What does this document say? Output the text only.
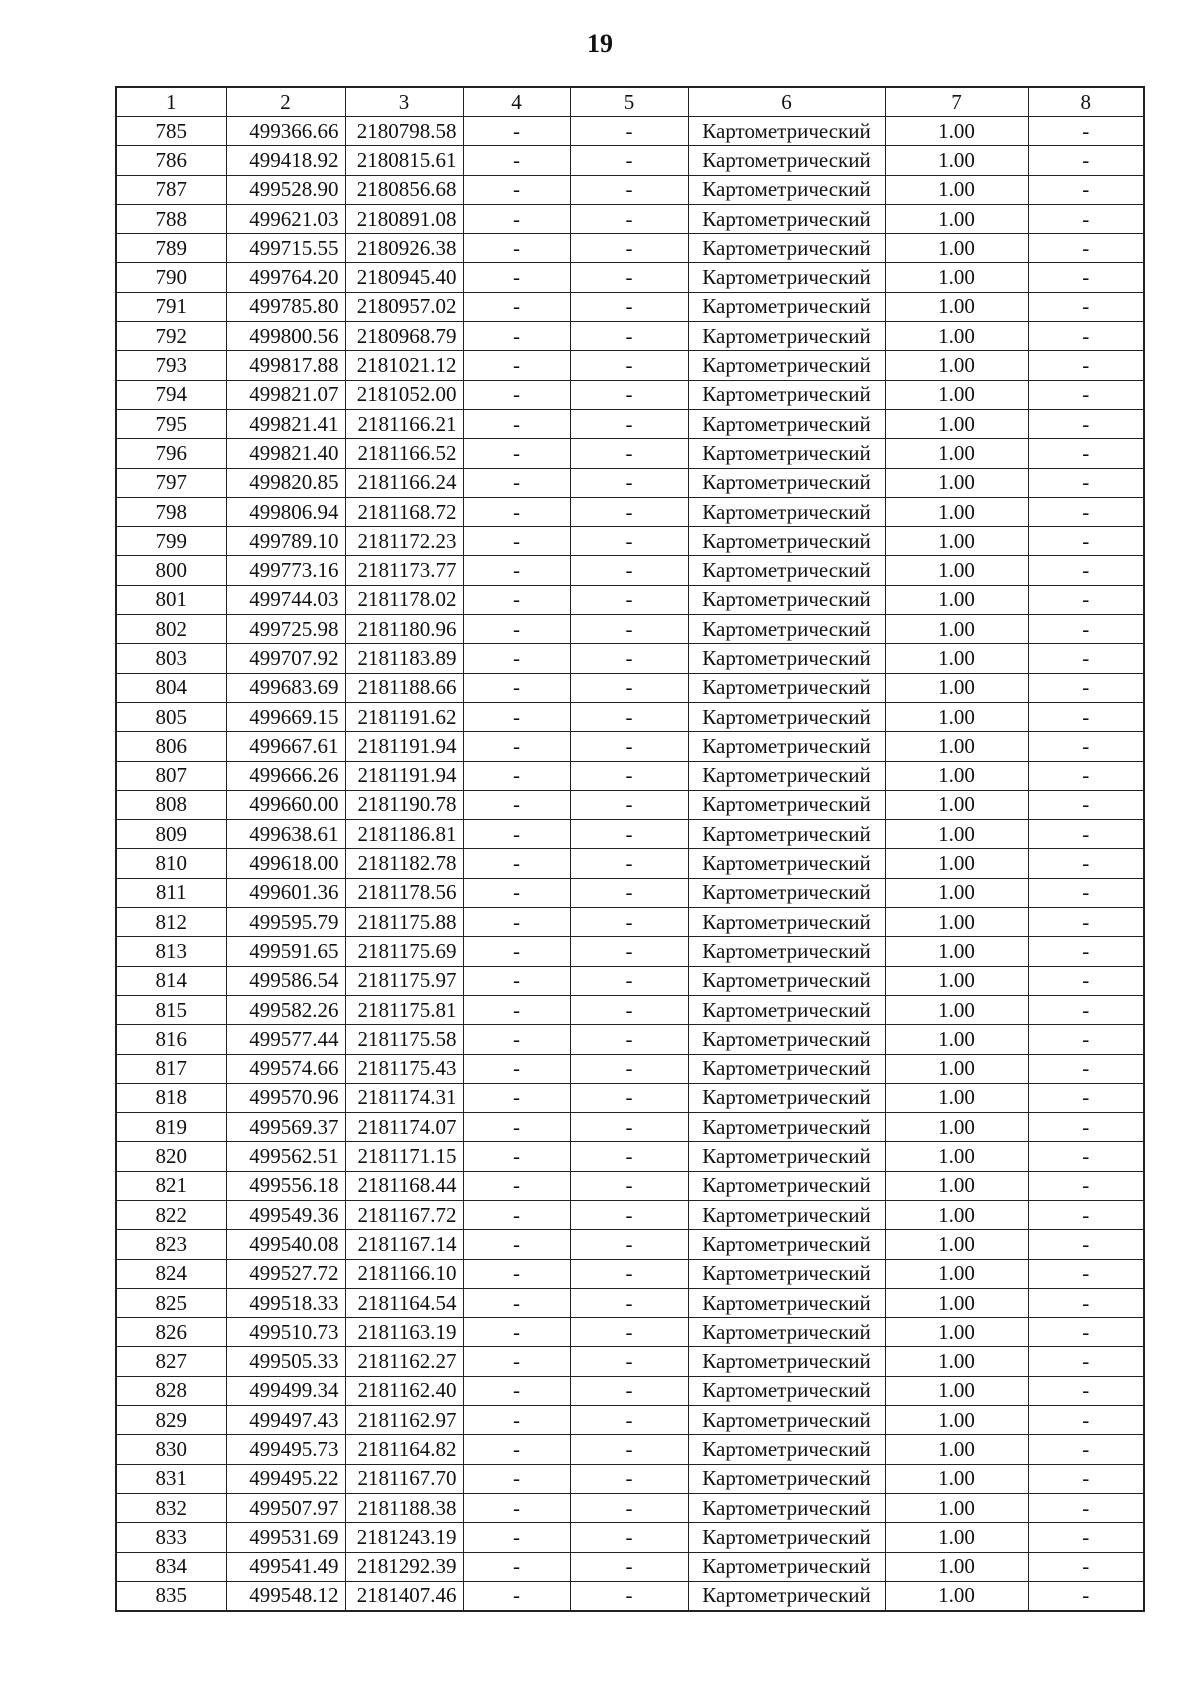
19
1	2	3	4	5	6	7	8
785	499366.66	2180798.58	-	-	Картометрический	1.00	-
786	499418.92	2180815.61	-	-	Картометрический	1.00	-
787	499528.90	2180856.68	-	-	Картометрический	1.00	-
788	499621.03	2180891.08	-	-	Картометрический	1.00	-
789	499715.55	2180926.38	-	-	Картометрический	1.00	-
790	499764.20	2180945.40	-	-	Картометрический	1.00	-
791	499785.80	2180957.02	-	-	Картометрический	1.00	-
792	499800.56	2180968.79	-	-	Картометрический	1.00	-
793	499817.88	2181021.12	-	-	Картометрический	1.00	-
794	499821.07	2181052.00	-	-	Картометрический	1.00	-
795	499821.41	2181166.21	-	-	Картометрический	1.00	-
796	499821.40	2181166.52	-	-	Картометрический	1.00	-
797	499820.85	2181166.24	-	-	Картометрический	1.00	-
798	499806.94	2181168.72	-	-	Картометрический	1.00	-
799	499789.10	2181172.23	-	-	Картометрический	1.00	-
800	499773.16	2181173.77	-	-	Картометрический	1.00	-
801	499744.03	2181178.02	-	-	Картометрический	1.00	-
802	499725.98	2181180.96	-	-	Картометрический	1.00	-
803	499707.92	2181183.89	-	-	Картометрический	1.00	-
804	499683.69	2181188.66	-	-	Картометрический	1.00	-
805	499669.15	2181191.62	-	-	Картометрический	1.00	-
806	499667.61	2181191.94	-	-	Картометрический	1.00	-
807	499666.26	2181191.94	-	-	Картометрический	1.00	-
808	499660.00	2181190.78	-	-	Картометрический	1.00	-
809	499638.61	2181186.81	-	-	Картометрический	1.00	-
810	499618.00	2181182.78	-	-	Картометрический	1.00	-
811	499601.36	2181178.56	-	-	Картометрический	1.00	-
812	499595.79	2181175.88	-	-	Картометрический	1.00	-
813	499591.65	2181175.69	-	-	Картометрический	1.00	-
814	499586.54	2181175.97	-	-	Картометрический	1.00	-
815	499582.26	2181175.81	-	-	Картометрический	1.00	-
816	499577.44	2181175.58	-	-	Картометрический	1.00	-
817	499574.66	2181175.43	-	-	Картометрический	1.00	-
818	499570.96	2181174.31	-	-	Картометрический	1.00	-
819	499569.37	2181174.07	-	-	Картометрический	1.00	-
820	499562.51	2181171.15	-	-	Картометрический	1.00	-
821	499556.18	2181168.44	-	-	Картометрический	1.00	-
822	499549.36	2181167.72	-	-	Картометрический	1.00	-
823	499540.08	2181167.14	-	-	Картометрический	1.00	-
824	499527.72	2181166.10	-	-	Картометрический	1.00	-
825	499518.33	2181164.54	-	-	Картометрический	1.00	-
826	499510.73	2181163.19	-	-	Картометрический	1.00	-
827	499505.33	2181162.27	-	-	Картометрический	1.00	-
828	499499.34	2181162.40	-	-	Картометрический	1.00	-
829	499497.43	2181162.97	-	-	Картометрический	1.00	-
830	499495.73	2181164.82	-	-	Картометрический	1.00	-
831	499495.22	2181167.70	-	-	Картометрический	1.00	-
832	499507.97	2181188.38	-	-	Картометрический	1.00	-
833	499531.69	2181243.19	-	-	Картометрический	1.00	-
834	499541.49	2181292.39	-	-	Картометрический	1.00	-
835	499548.12	2181407.46	-	-	Картометрический	1.00	-
